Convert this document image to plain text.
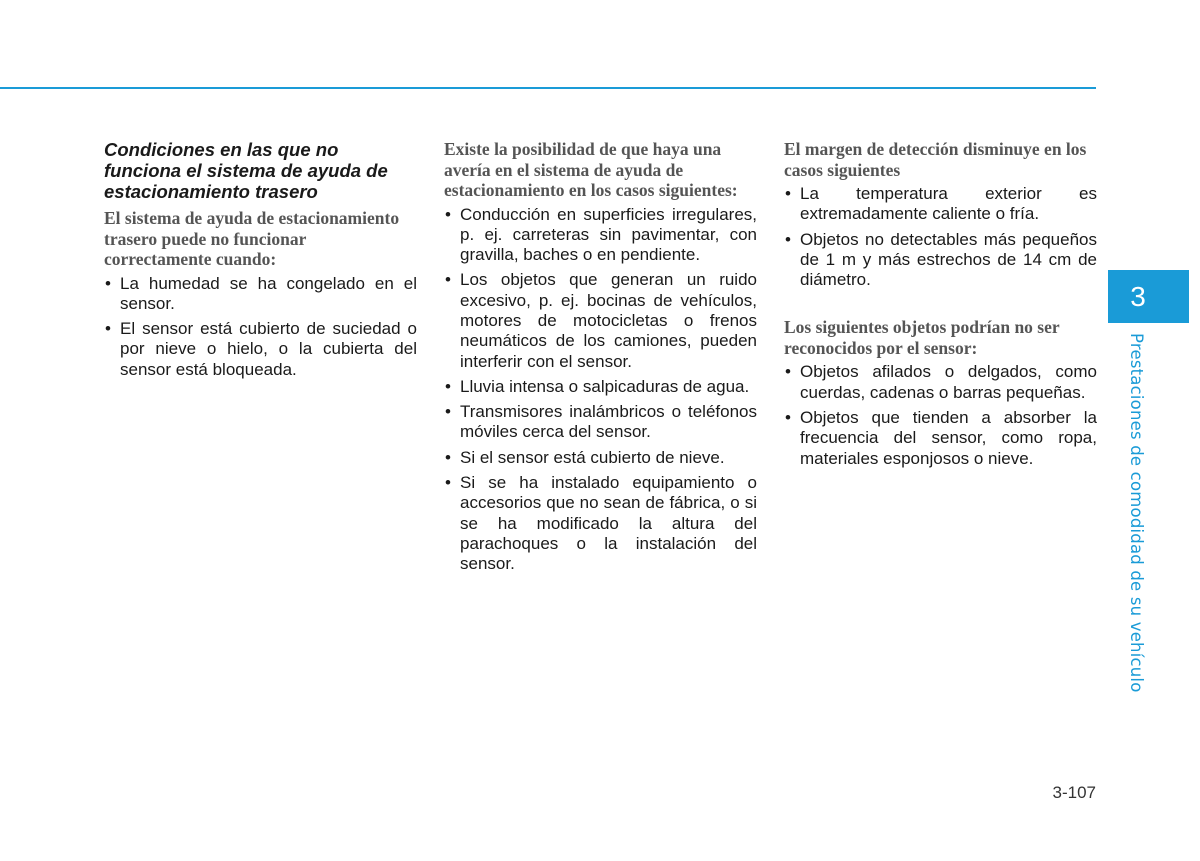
Condiciones en las que no funciona el sistema de ayuda de estacionamiento trasero

El sistema de ayuda de estacionamiento trasero puede no funcionar correctamente cuando:

• La humedad se ha congelado en el sensor.
• El sensor está cubierto de suciedad o por nieve o hielo, o la cubierta del sensor está bloqueada.

Existe la posibilidad de que haya una avería en el sistema de ayuda de estacionamiento en los casos siguientes:

• Conducción en superficies irregulares, p. ej. carreteras sin pavimentar, con gravilla, baches o en pendiente.
• Los objetos que generan un ruido excesivo, p. ej. bocinas de vehículos, motores de motocicletas o frenos neumáticos de los camiones, pueden interferir con el sensor.
• Lluvia intensa o salpicaduras de agua.
• Transmisores inalámbricos o teléfonos móviles cerca del sensor.
• Si el sensor está cubierto de nieve.
• Si se ha instalado equipamiento o accesorios que no sean de fábrica, o si se ha modificado la altura del parachoques o la instalación del sensor.

El margen de detección disminuye en los casos siguientes

• La temperatura exterior es extremadamente caliente o fría.
• Objetos no detectables más pequeños de 1 m y más estrechos de 14 cm de diámetro.

Los siguientes objetos podrían no ser reconocidos por el sensor:

• Objetos afilados o delgados, como cuerdas, cadenas o barras pequeñas.
• Objetos que tienden a absorber la frecuencia del sensor, como ropa, materiales esponjosos o nieve.
3
Prestaciones de comodidad de su vehículo
3-107
